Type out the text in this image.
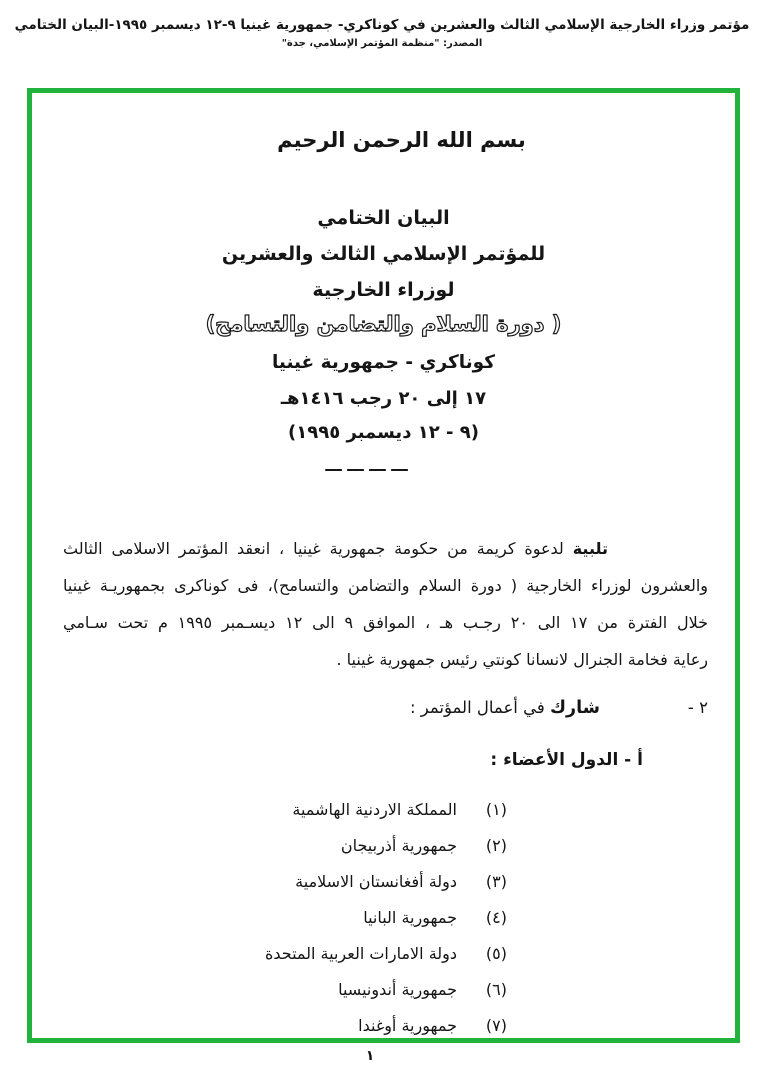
مؤتمر وزراء الخارجية الإسلامي الثالث والعشرين في كوناكري- جمهورية غينيا ٩-١٢ ديسمبر ١٩٩٥-البيان الختامي
المصدر: "منظمة المؤتمر الإسلامي، جدة"
بسم الله الرحمن الرحيم
البيان الختامي
للمؤتمر الإسلامي الثالث والعشرين
لوزراء الخارجية
( دورة السلام والتضامن والتسامح)
كوناكري - جمهورية غينيا
١٧ إلى ٢٠ رجب ١٤١٦هـ
(٩ - ١٢ ديسمبر ١٩٩٥)
ـــ ـــ ـــ ـــ
تلبية لدعوة كريمة من حكومة جمهورية غينيا ، انعقد المؤتمر الاسلامى الثالث
والعشرون لوزراء الخارجية ( دورة السلام والتضامن والتسامح)، فى كوناكرى بجمهوريـة غينيا
خلال الفترة من ١٧ الى ٢٠ رجـب هـ ، الموافق ٩ الى ١٢ ديسـمبر ١٩٩٥ م تحت سـامي
رعاية فخامة الجنرال لانسانا كونتي رئيس جمهورية غينيا .
٢ -
شارك في أعمال المؤتمر :
أ - الدول الأعضاء :
(١)
المملكة الاردنية الهاشمية
(٢)
جمهورية أذربيجان
(٣)
دولة أفغانستان الاسلامية
(٤)
جمهورية البانيا
(٥)
دولة الامارات العربية المتحدة
(٦)
جمهورية أندونيسيا
(٧)
جمهورية أوغندا
١
